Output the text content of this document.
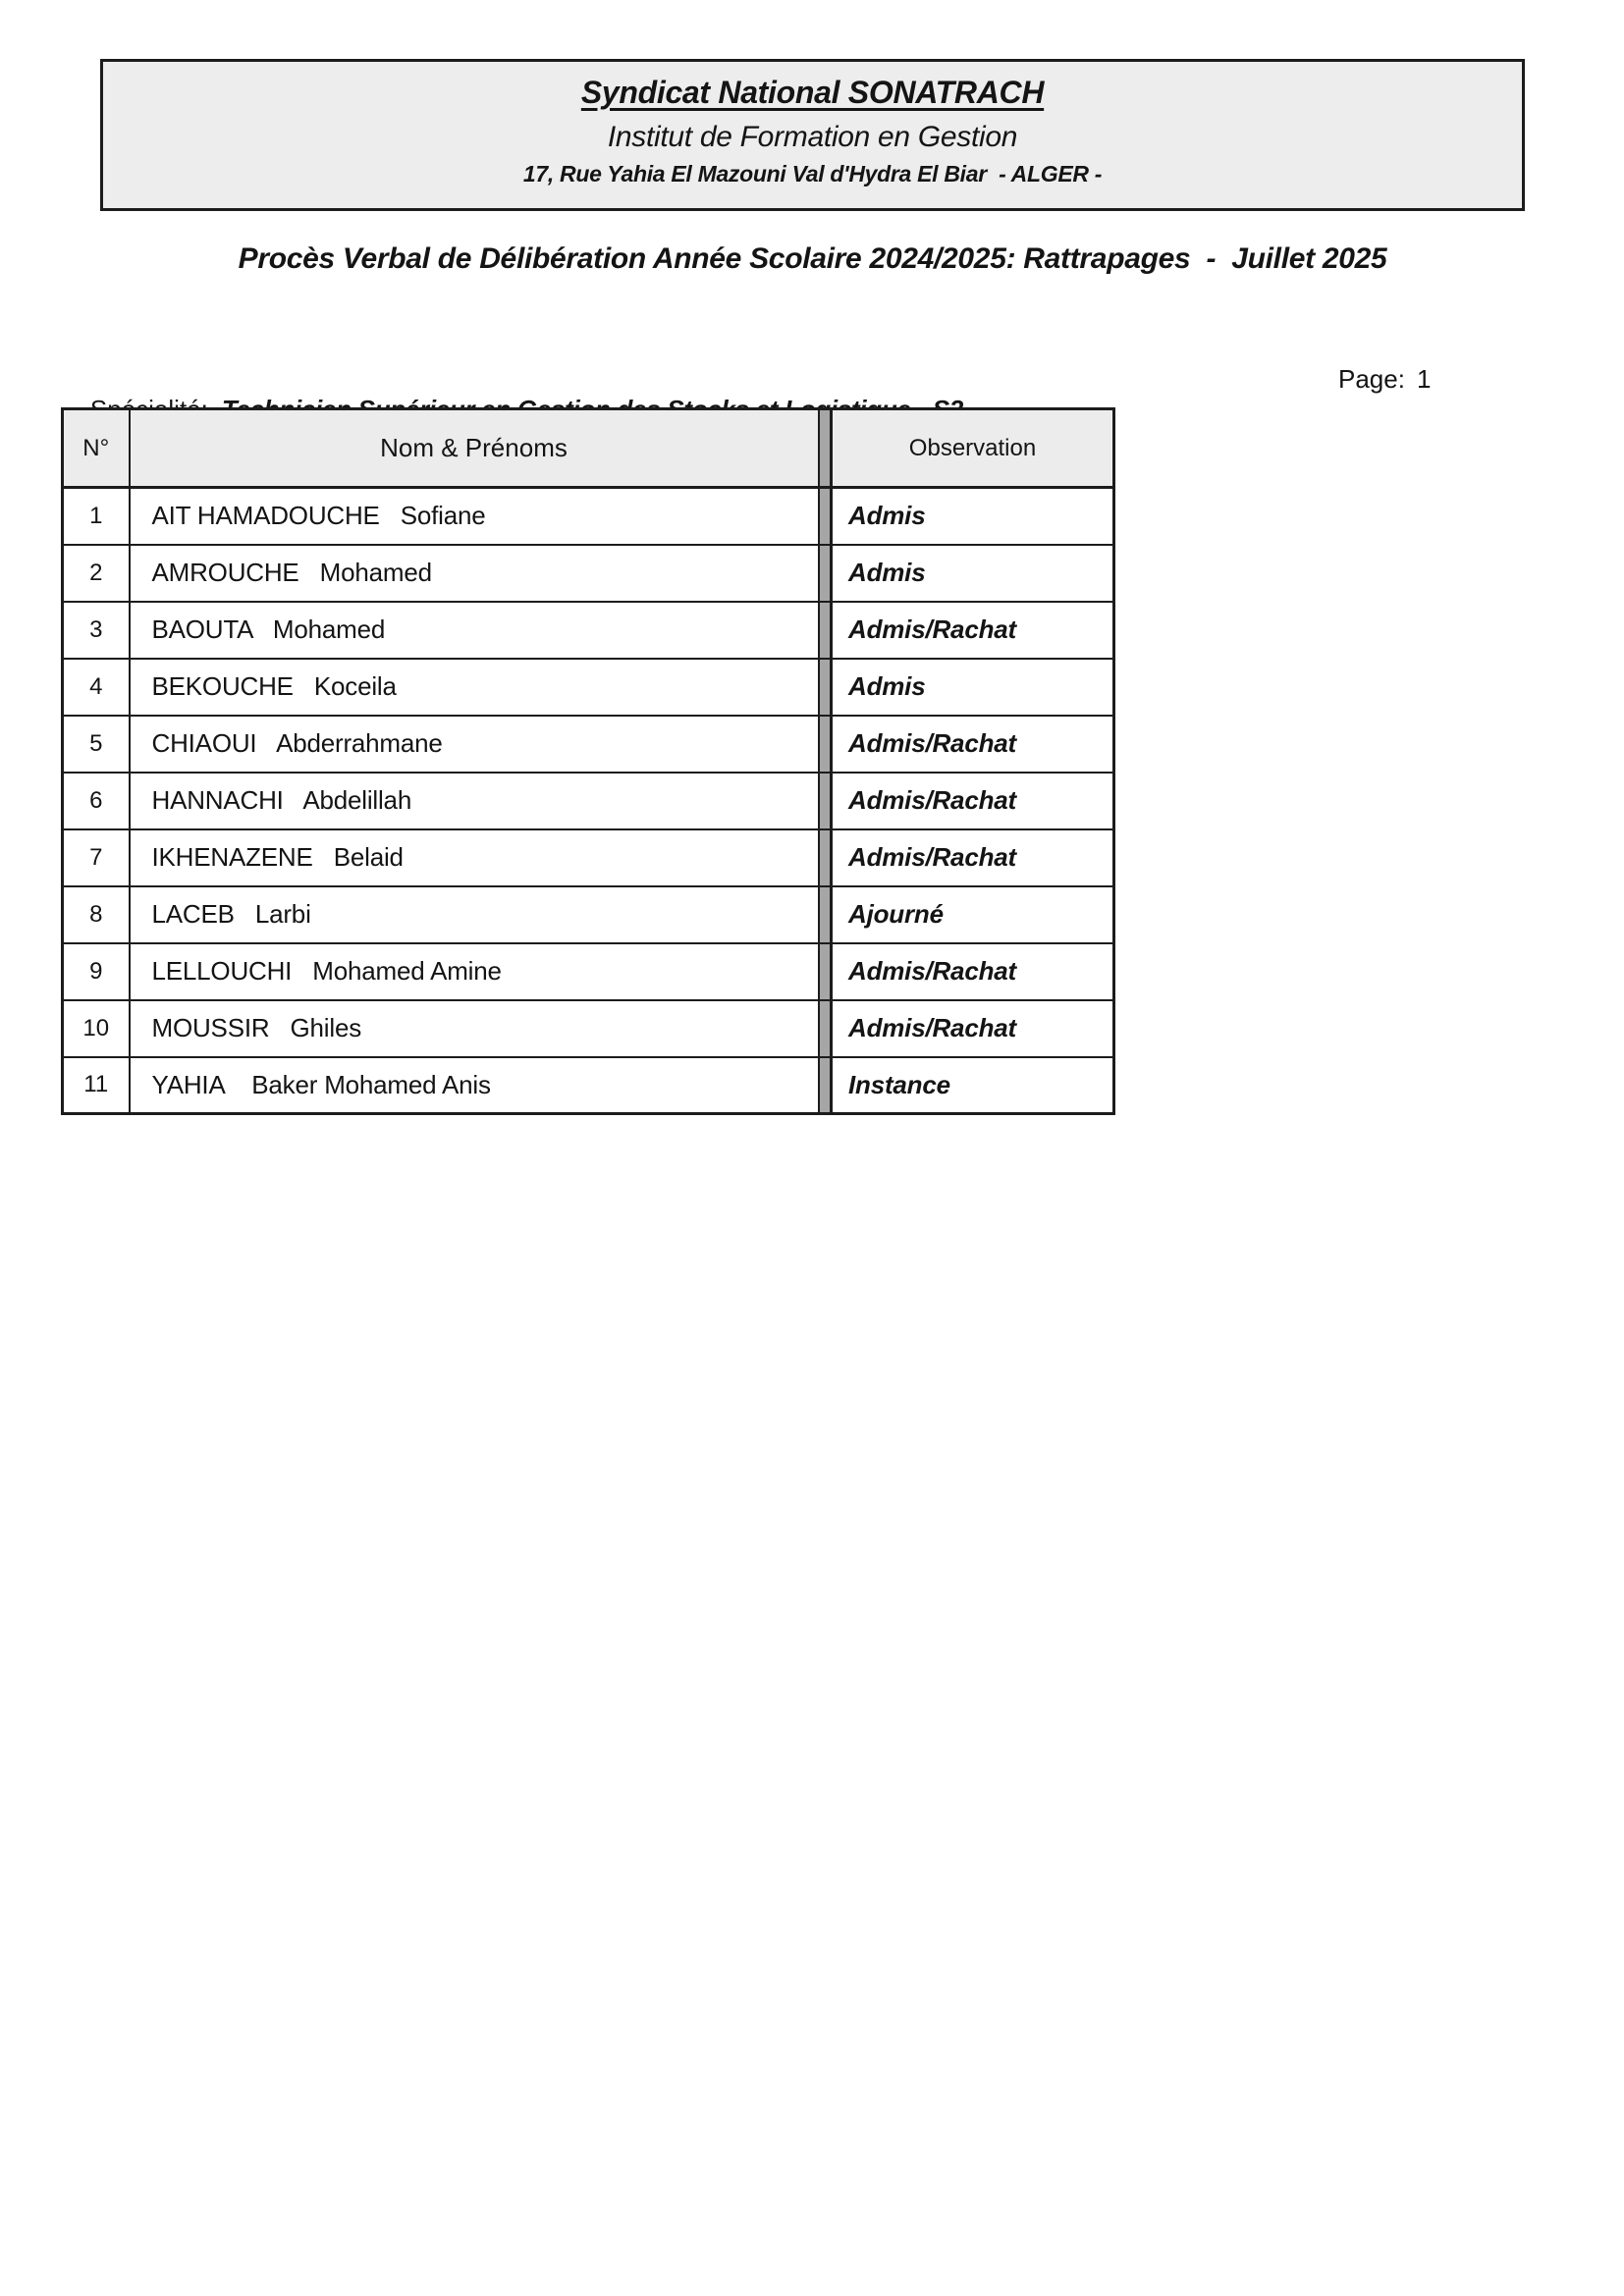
Syndicat National SONATRACH
Institut de Formation en Gestion
17, Rue Yahia El Mazouni Val d'Hydra El Biar  - ALGER -
Procès Verbal de Délibération Année Scolaire 2024/2025: Rattrapages  -  Juillet 2025

Page: 1
N°	Nom & Prénoms		Observation
1	AIT HAMADOUCHE   Sofiane		Admis
2	AMROUCHE   Mohamed		Admis
3	BAOUTA   Mohamed		Admis/Rachat
4	BEKOUCHE   Koceila		Admis
5	CHIAOUI   Abderrahmane		Admis/Rachat
6	HANNACHI   Abdelillah		Admis/Rachat
7	IKHENAZENE   Belaid		Admis/Rachat
8	LACEB   Larbi		Ajourné
9	LELLOUCHI   Mohamed Amine		Admis/Rachat
10	MOUSSIR   Ghiles		Admis/Rachat
11	YAHIA    Baker Mohamed Anis		Instance
